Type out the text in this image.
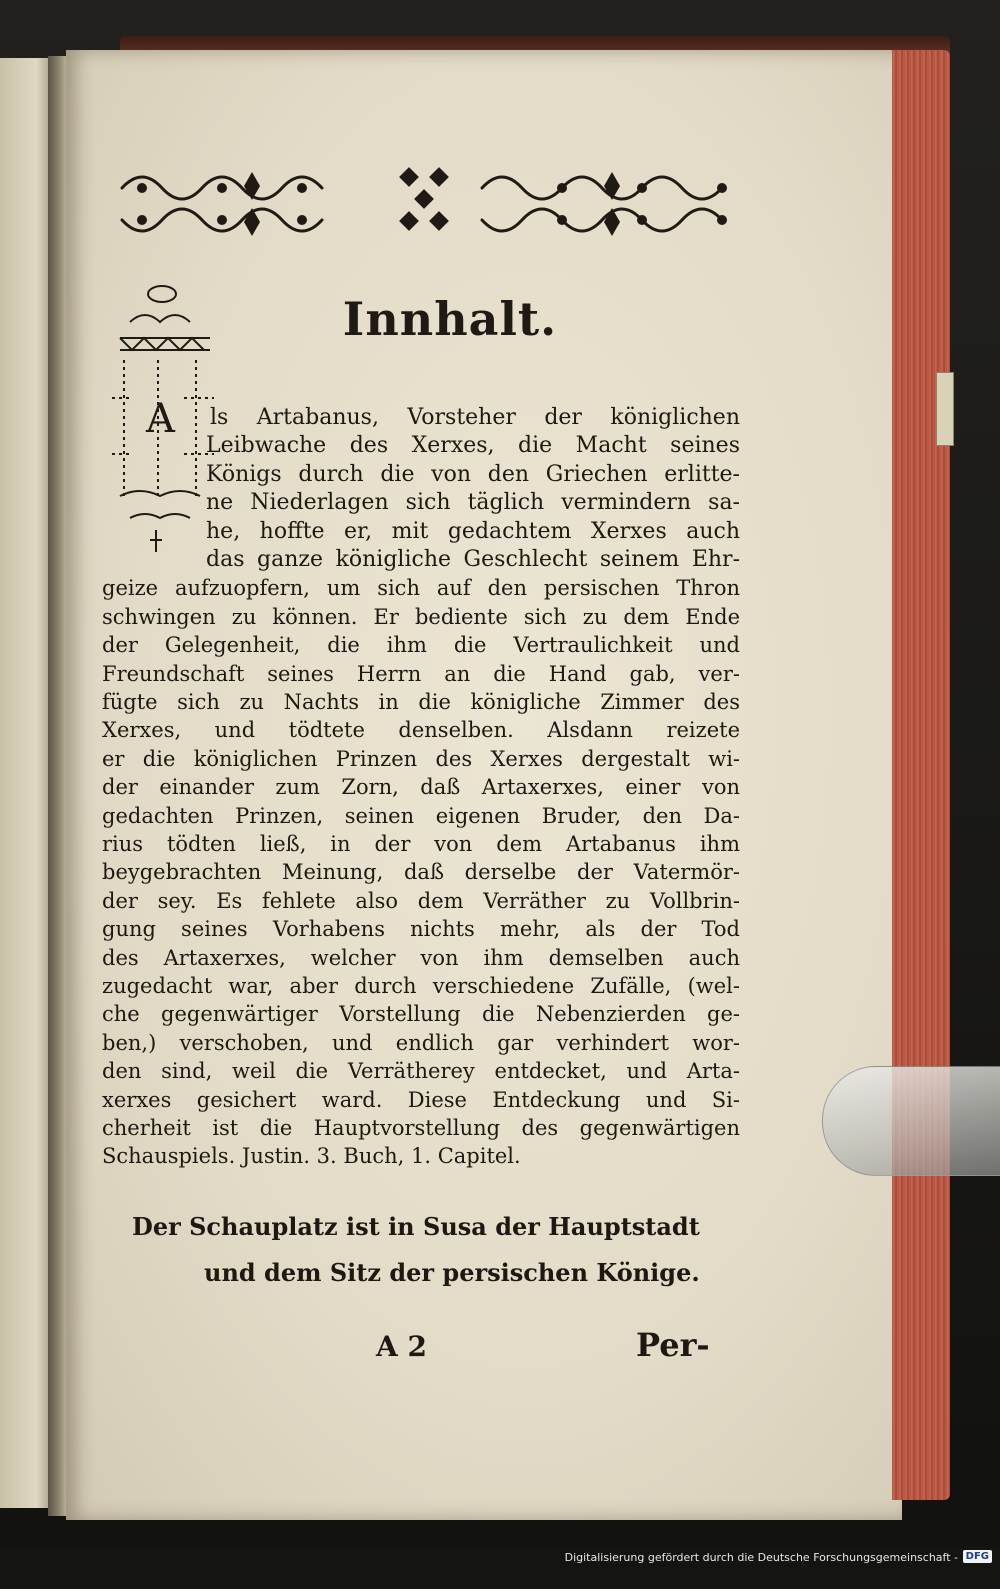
Innhalt.
A ls Artabanus, Vorsteher der königlichen
Leibwache des Xerxes, die Macht seines
Königs durch die von den Griechen erlitte-
ne Niederlagen sich täglich vermindern sa-
he, hoffte er, mit gedachtem Xerxes auch
das ganze königliche Geschlecht seinem Ehr-
geize aufzuopfern, um sich auf den persischen Thron
schwingen zu können. Er bediente sich zu dem Ende
der Gelegenheit, die ihm die Vertraulichkeit und
Freundschaft seines Herrn an die Hand gab, ver-
fügte sich zu Nachts in die königliche Zimmer des
Xerxes, und tödtete denselben. Alsdann reizete
er die königlichen Prinzen des Xerxes dergestalt wi-
der einander zum Zorn, daß Artaxerxes, einer von
gedachten Prinzen, seinen eigenen Bruder, den Da-
rius tödten ließ, in der von dem Artabanus ihm
beygebrachten Meinung, daß derselbe der Vatermör-
der sey. Es fehlete also dem Verräther zu Vollbrin-
gung seines Vorhabens nichts mehr, als der Tod
des Artaxerxes, welcher von ihm demselben auch
zugedacht war, aber durch verschiedene Zufälle, (wel-
che gegenwärtiger Vorstellung die Nebenzierden ge-
ben,) verschoben, und endlich gar verhindert wor-
den sind, weil die Verrätherey entdecket, und Arta-
xerxes gesichert ward. Diese Entdeckung und Si-
cherheit ist die Hauptvorstellung des gegenwärtigen
Schauspiels. Justin. 3. Buch, 1. Capitel.
Der Schauplatz ist in Susa der Hauptstadt
und dem Sitz der persischen Könige.
A 2	Per-
Digitalisierung gefördert durch die Deutsche Forschungsgemeinschaft - DFG
